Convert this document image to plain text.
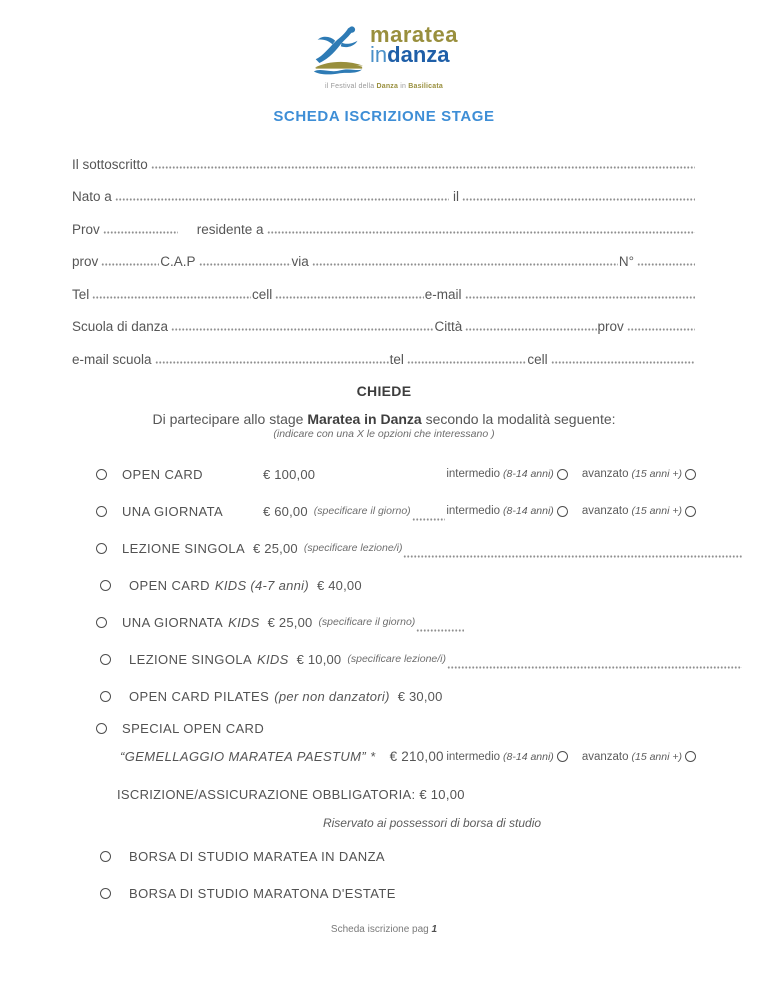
maratea
indanza
il Festival della Danza in Basilicata
SCHEDA ISCRIZIONE STAGE
Il sottoscritto
Nato a	il
Prov	residente a
prov	C.A.P	via	N°
Tel	cell	e-mail
Scuola di danza	Città	prov
e-mail scuola	tel	cell
CHIEDE
Di partecipare allo stage Maratea in Danza secondo la modalità seguente:
(indicare con una X le opzioni che interessano )
OPEN CARD	€ 100,00	intermedio (8-14 anni) avanzato (15 anni +)
UNA GIORNATA	€ 60,00 (specificare il giorno)	intermedio (8-14 anni) avanzato (15 anni +)
LEZIONE SINGOLA € 25,00 (specificare lezione/i)
OPEN CARD KIDS (4-7 anni) € 40,00
UNA GIORNATA KIDS € 25,00 (specificare il giorno)
LEZIONE SINGOLA KIDS € 10,00 (specificare lezione/i)
OPEN CARD PILATES (per non danzatori) € 30,00
SPECIAL OPEN CARD
“GEMELLAGGIO MARATEA PAESTUM” * € 210,00 intermedio (8-14 anni) avanzato (15 anni +)
ISCRIZIONE/ASSICURAZIONE OBBLIGATORIA: € 10,00
Riservato ai possessori di borsa di studio
BORSA DI STUDIO MARATEA IN DANZA
BORSA DI STUDIO MARATONA D'ESTATE
Scheda iscrizione pag 1
